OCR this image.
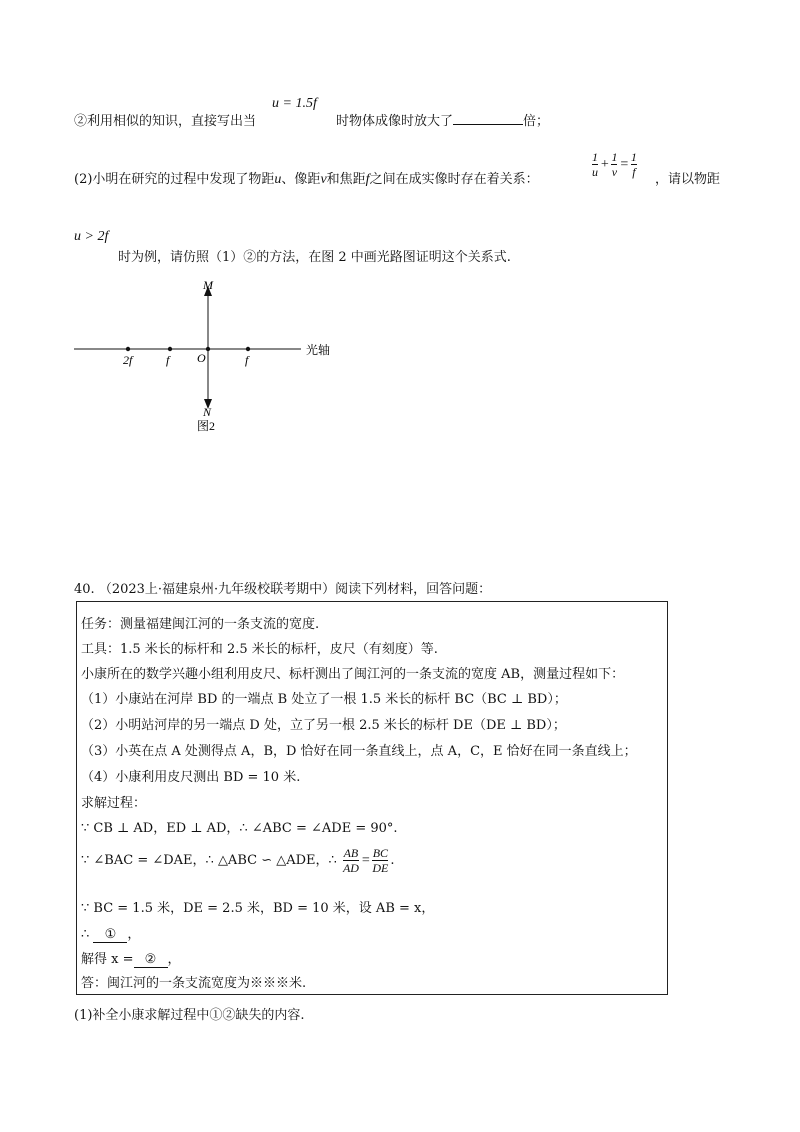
u = 1.5f
②利用相似的知识，直接写出当	时物体成像时放大了	倍；
(2)小明在研究的过程中发现了物距u、像距v和焦距f之间在成实像时存在着关系：
$\frac{1}{u} + \frac{1}{v} = \frac{1}{f}$
，请以物距
u > 2f
时为例，请仿照（1）②的方法，在图 2 中画光路图证明这个关系式.
M
N
O
2f	f	f
光轴
图2
40. （2023上·福建泉州·九年级校联考期中）阅读下列材料，回答问题：
任务：测量福建闽江河的一条支流的宽度.
工具：1.5 米长的标杆和 2.5 米长的标杆，皮尺（有刻度）等.
小康所在的数学兴趣小组利用皮尺、标杆测出了闽江河的一条支流的宽度 AB，测量过程如下：
（1）小康站在河岸 BD 的一端点 B 处立了一根 1.5 米长的标杆 BC（BC ⊥ BD）；
（2）小明站河岸的另一端点 D 处，立了另一根 2.5 米长的标杆 DE（DE ⊥ BD）；
（3）小英在点 A 处测得点 A，B，D 恰好在同一条直线上，点 A，C，E 恰好在同一条直线上；
（4）小康利用皮尺测出 BD = 10 米.
求解过程：
∵ CB ⊥ AD，ED ⊥ AD，∴ ∠ABC = ∠ADE = 90°.
∵ ∠BAC = ∠DAE，∴ △ABC ∽ △ADE，∴ $\frac{AB}{AD} = \frac{BC}{DE}$ .
∵ BC = 1.5 米，DE = 2.5 米，BD = 10 米，设 AB = x，
∴ ① ，
解得 x = ② ，
答：闽江河的一条支流宽度为※※※米.
(1)补全小康求解过程中①②缺失的内容.
